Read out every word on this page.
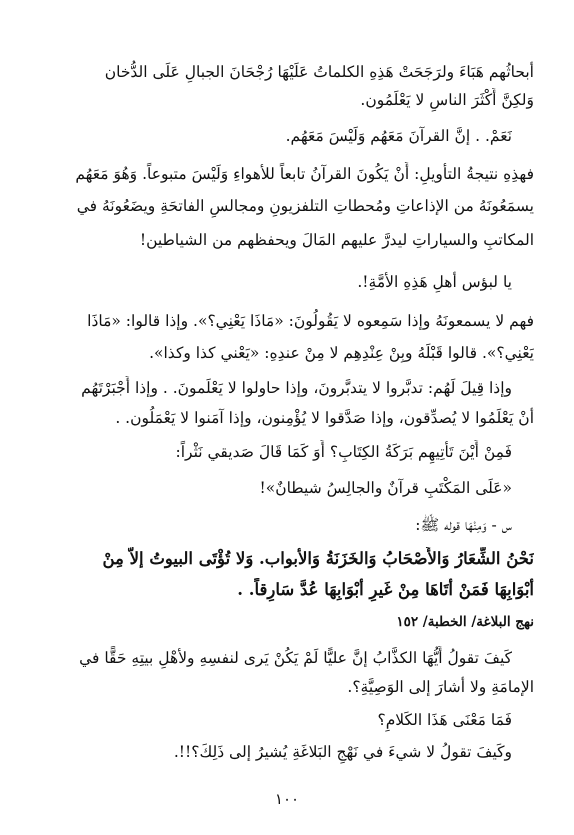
أبحاثُهم هَبَاءَ ولرَجَحَتْ هَذِهِ الكلماتُ عَلَيْهَا رُجْحَانَ الجبالِ عَلَى الدُّخان

وَلكِنَّ أَكْثَرَ الناسِ لا يَعْلَمُون.

نَعَمْ. . إنَّ القرآنَ مَعَهُم وَلَيْسَ مَعَهُم.

فهذِهِ نتيجةُ التأويلِ: أَنْ يَكُونَ القرآنُ تابعاً للأهواءِ وَلَيْسَ متبوعاً. وَهُوَ مَعَهُم

يسمَعُونَهُ من الإذاعاتِ ومُحطاتِ التلفزيونِ ومجالسِ الفاتحَةِ ويضَعُونَهُ في

المكاتبِ والسياراتِ ليدرَّ عليهم المَالَ ويحفظهم من الشياطين!

يا لبؤس أهلِ هَذِهِ الأمَّةِ!.

فهم لا يسمعونَهُ وإذا سَمِعوه لا يَقُولُونَ: «مَاذَا يَعْنِي؟». وإذا قالوا: «مَاذَا

يَعْنِي؟». قالوا قَبْلَهُ وبِنْ عِنْدِهِم لا مِنْ عندِهِ: «يَعْني كذا وكذا».

وإذا قِيلَ لَهُم: تدبَّروا لا يتدبَّرونَ، وإذا حاولوا لا يَعْلَمونَ. . وإذا أَجْبَرْتَهُم

أنْ يَعْلَمُوا لا يُصدِّقون، وإذا صَدَّقوا لا يُؤْمِنون، وإذا آمَنوا لا يَعْمَلُون. .

فَمِنْ أَيْنَ تَأْتِيهِم بَرَكَةُ الكِتَابِ؟ أَوَ كَمَا قَالَ صَديقي نَثْراً:

«عَلَى المَكْتَبِ قرآنٌ والجالِسُ شيطانٌ»!

س - وَمِنْهَا قوله ﷺ:

نَحْنُ الشِّعَارُ وَالأَصْحَابُ وَالخَزَنَةُ وَالأبواب. وَلا تُؤْتَى البيوتُ إلاَّ مِنْ

أَبْوَابِهَا فَمَنْ أَتَاهَا مِنْ غَيرِ أَبْوَابِهَا عُدَّ سَارِقاً. .

نهج البلاغة/ الخطبة/ ١٥٢

كَيفَ تقولُ أَيُّهَا الكذَّابُ إنَّ عليًّا لَمْ يَكُنْ يَرى لنفسِهِ ولأهْلِ بيتِهِ حَقًّا في

الإمامَةِ ولا أشارَ إلى الوَصِيَّةِ؟.

فَمَا مَعْنَى هَذَا الكَلامِ؟

وكَيفَ تقولُ لا شيءَ في نَهْجِ البَلاغَةِ يُشيرُ إلى ذَلِكَ؟!!.

١٠٠
